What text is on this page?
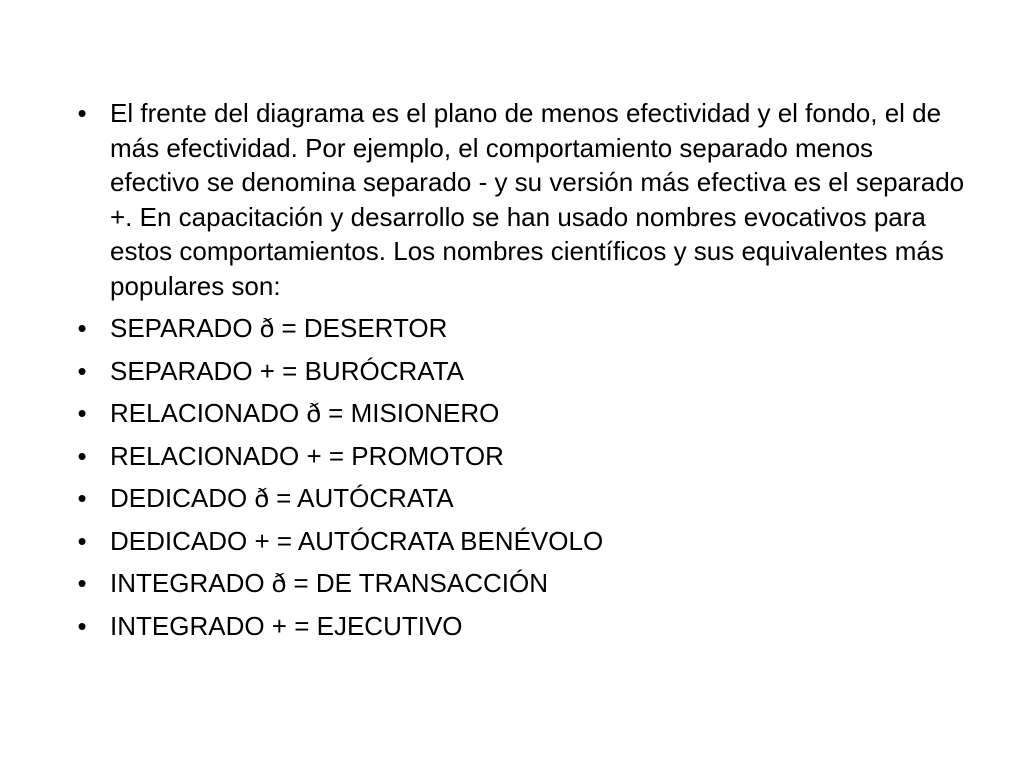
• El frente del diagrama es el plano de menos efectividad y el fondo, el de más efectividad. Por ejemplo, el comportamiento separado menos efectivo se denomina separado - y su versión más efectiva es el separado +. En capacitación y desarrollo se han usado nombres evocativos para estos comportamientos. Los nombres científicos y sus equivalentes más populares son:
• SEPARADO ð = DESERTOR
• SEPARADO + = BURÓCRATA
• RELACIONADO ð = MISIONERO
• RELACIONADO + = PROMOTOR
• DEDICADO ð = AUTÓCRATA
• DEDICADO + = AUTÓCRATA BENÉVOLO
• INTEGRADO ð = DE TRANSACCIÓN
• INTEGRADO + = EJECUTIVO
